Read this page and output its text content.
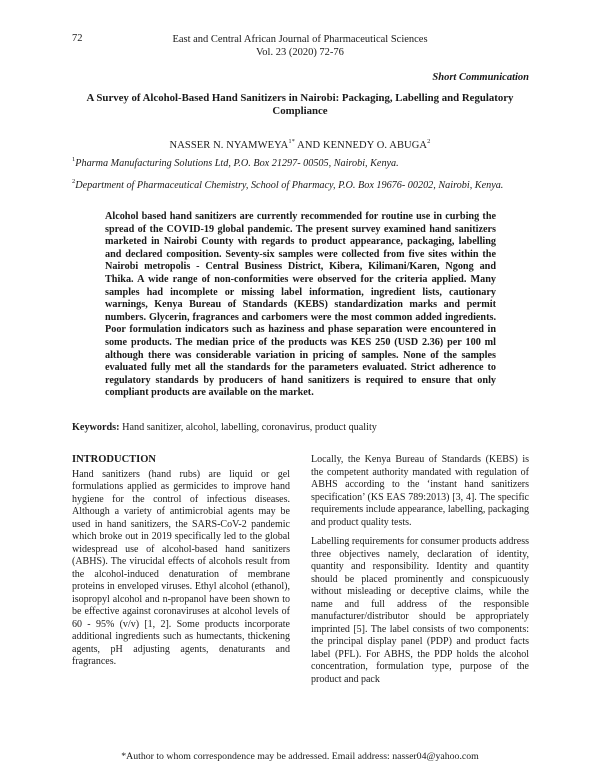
72	East and Central African Journal of Pharmaceutical Sciences
Vol. 23 (2020) 72-76
Short Communication
A Survey of Alcohol-Based Hand Sanitizers in Nairobi: Packaging, Labelling and Regulatory Compliance
NASSER N. $NYAMWEYA^{1*}$ AND KENNEDY O. ABUGA$^2$
$^1$Pharma Manufacturing Solutions Ltd, P.O. Box 21297- 00505, Nairobi, Kenya.
$^2$Department of Pharmaceutical Chemistry, School of Pharmacy, P.O. Box 19676- 00202, Nairobi, Kenya.
Alcohol based hand sanitizers are currently recommended for routine use in curbing the spread of the COVID-19 global pandemic. The present survey examined hand sanitizers marketed in Nairobi County with regards to product appearance, packaging, labelling and declared composition. Seventy-six samples were collected from five sites within the Nairobi metropolis - Central Business District, Kibera, Kilimani/Karen, Ngong and Thika. A wide range of non-conformities were observed for the criteria applied. Many samples had incomplete or missing label information, ingredient lists, cautionary warnings, Kenya Bureau of Standards (KEBS) standardization marks and permit numbers. Glycerin, fragrances and carbomers were the most common added ingredients. Poor formulation indicators such as haziness and phase separation were encountered in some products. The median price of the products was KES 250 (USD 2.36) per 100 ml although there was considerable variation in pricing of samples. None of the samples evaluated fully met all the standards for the parameters evaluated. Strict adherence to regulatory standards by producers of hand sanitizers is required to ensure that only compliant products are available on the market.
Keywords: Hand sanitizer, alcohol, labelling, coronavirus, product quality
INTRODUCTION

Hand sanitizers (hand rubs) are liquid or gel formulations applied as germicides to improve hand hygiene for the control of infectious diseases. Although a variety of antimicrobial agents may be used in hand sanitizers, the SARS-CoV-2 pandemic which broke out in 2019 specifically led to the global widespread use of alcohol-based hand sanitizers (ABHS). The virucidal effects of alcohols result from the alcohol-induced denaturation of membrane proteins in enveloped viruses. Ethyl alcohol (ethanol), isopropyl alcohol and n-propanol have been shown to be effective against coronaviruses at alcohol levels of 60 - 95% (v/v) [1, 2]. Some products incorporate additional ingredients such as humectants, thickening agents, pH adjusting agents, denaturants and fragrances.

Locally, the Kenya Bureau of Standards (KEBS) is the competent authority mandated with regulation of ABHS according to the ‘instant hand sanitizers specification’ (KS EAS 789:2013) [3, 4]. The specific requirements include appearance, labelling, packaging and product quality tests.

Labelling requirements for consumer products address three objectives namely, declaration of identity, quantity and responsibility. Identity and quantity should be placed prominently and conspicuously without misleading or deceptive claims, while the name and full address of the responsible manufacturer/distributor should be appropriately imprinted [5]. The label consists of two components: the principal display panel (PDP) and product facts label (PFL). For ABHS, the PDP holds the alcohol concentration, formulation type, purpose of the product and pack

*Author to whom correspondence may be addressed. Email address: nasser04@yahoo.com
